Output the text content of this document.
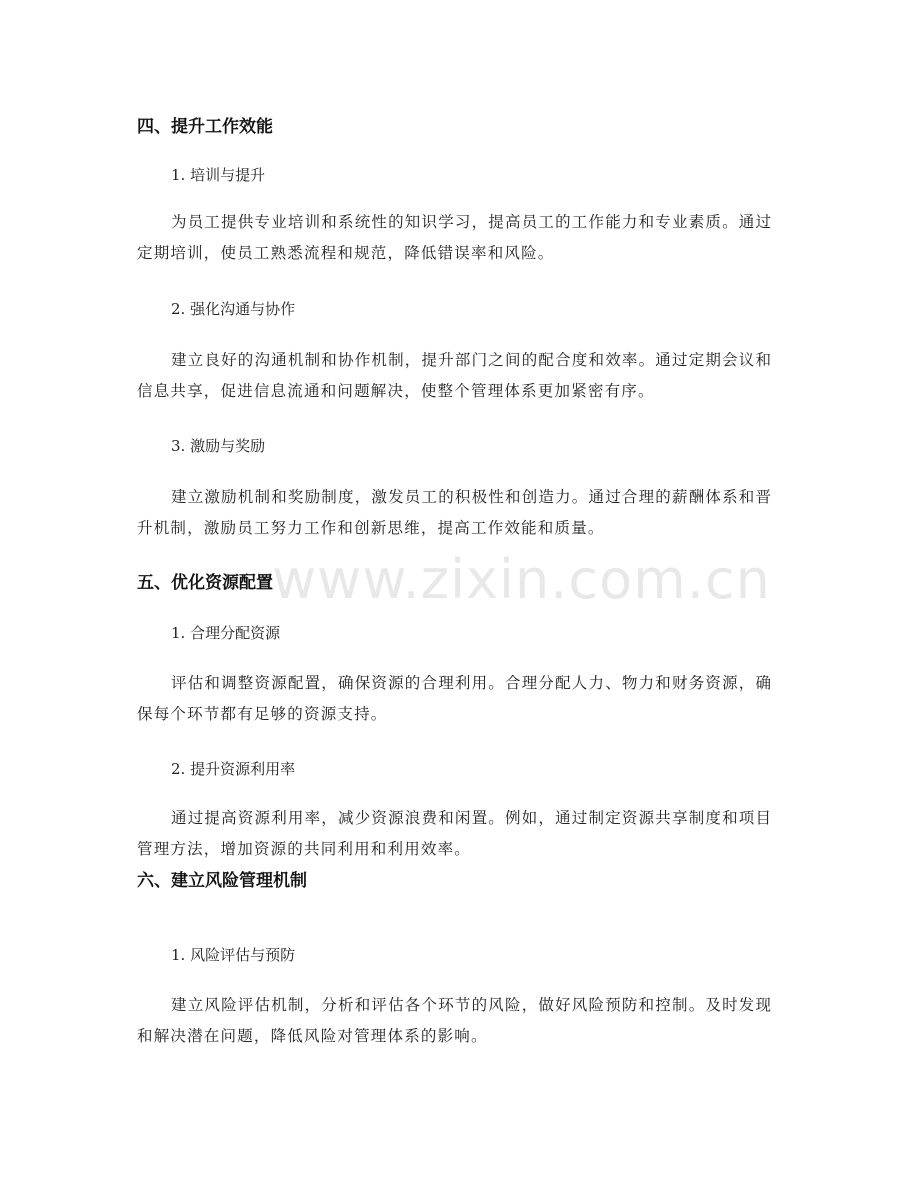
四、提升工作效能
1. 培训与提升
为员工提供专业培训和系统性的知识学习，提高员工的工作能力和专业素质。通过定期培训，使员工熟悉流程和规范，降低错误率和风险。
2. 强化沟通与协作
建立良好的沟通机制和协作机制，提升部门之间的配合度和效率。通过定期会议和信息共享，促进信息流通和问题解决，使整个管理体系更加紧密有序。
3. 激励与奖励
建立激励机制和奖励制度，激发员工的积极性和创造力。通过合理的薪酬体系和晋升机制，激励员工努力工作和创新思维，提高工作效能和质量。
五、优化资源配置
1. 合理分配资源
评估和调整资源配置，确保资源的合理利用。合理分配人力、物力和财务资源，确保每个环节都有足够的资源支持。
2. 提升资源利用率
通过提高资源利用率，减少资源浪费和闲置。例如，通过制定资源共享制度和项目管理方法，增加资源的共同利用和利用效率。
六、建立风险管理机制
1. 风险评估与预防
建立风险评估机制，分析和评估各个环节的风险，做好风险预防和控制。及时发现和解决潜在问题，降低风险对管理体系的影响。
www.zixin.com.cn
